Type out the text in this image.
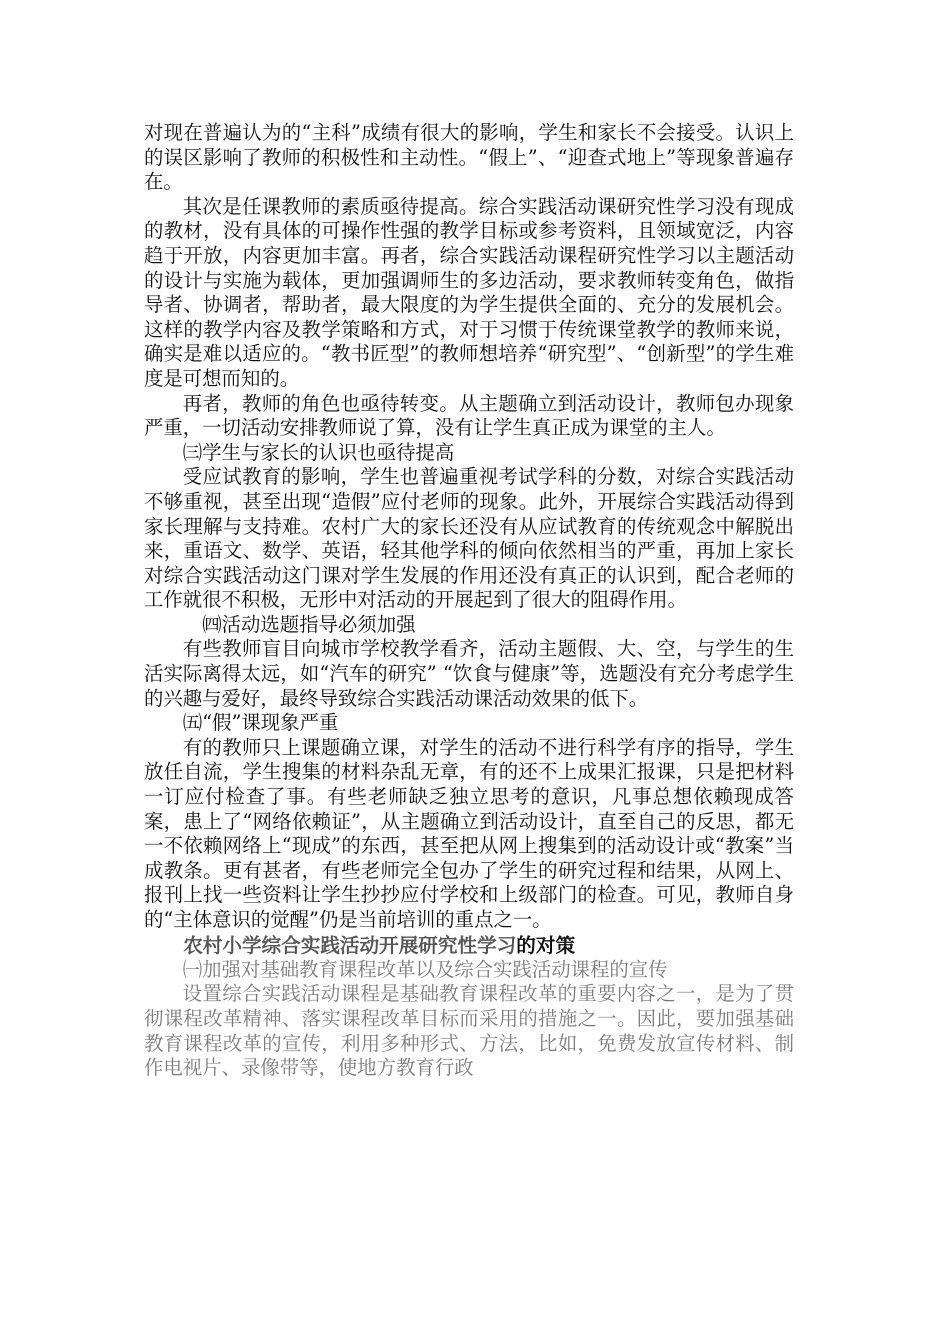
对现在普遍认为的“主科”成绩有很大的影响，学生和家长不会接受。认识上的误区影响了教师的积极性和主动性。“假上”、“迎查式地上”等现象普遍存在。

其次是任课教师的素质亟待提高。综合实践活动课研究性学习没有现成的教材，没有具体的可操作性强的教学目标或参考资料，且领域宽泛，内容趋于开放，内容更加丰富。再者，综合实践活动课程研究性学习以主题活动的设计与实施为载体，更加强调师生的多边活动，要求教师转变角色，做指导者、协调者，帮助者，最大限度的为学生提供全面的、充分的发展机会。这样的教学内容及教学策略和方式，对于习惯于传统课堂教学的教师来说，确实是难以适应的。“教书匠型”的教师想培养“研究型”、“创新型”的学生难度是可想而知的。

再者，教师的角色也亟待转变。从主题确立到活动设计，教师包办现象严重，一切活动安排教师说了算，没有让学生真正成为课堂的主人。

㈢学生与家长的认识也亟待提高

受应试教育的影响，学生也普遍重视考试学科的分数，对综合实践活动不够重视，甚至出现“造假”应付老师的现象。此外，开展综合实践活动得到家长理解与支持难。农村广大的家长还没有从应试教育的传统观念中解脱出来，重语文、数学、英语，轻其他学科的倾向依然相当的严重，再加上家长对综合实践活动这门课对学生发展的作用还没有真正的认识到，配合老师的工作就很不积极，无形中对活动的开展起到了很大的阻碍作用。

㈣活动选题指导必须加强

有些教师盲目向城市学校教学看齐，活动主题假、大、空，与学生的生活实际离得太远，如“汽车的研究” “饮食与健康”等，选题没有充分考虑学生的兴趣与爱好，最终导致综合实践活动课活动效果的低下。

㈤“假”课现象严重

有的教师只上课题确立课，对学生的活动不进行科学有序的指导，学生放任自流，学生搜集的材料杂乱无章，有的还不上成果汇报课，只是把材料一订应付检查了事。有些老师缺乏独立思考的意识，凡事总想依赖现成答案，患上了“网络依赖证”，从主题确立到活动设计，直至自己的反思，都无一不依赖网络上“现成”的东西，甚至把从网上搜集到的活动设计或“教案”当成教条。更有甚者，有些老师完全包办了学生的研究过程和结果，从网上、报刊上找一些资料让学生抄抄应付学校和上级部门的检查。可见，教师自身的“主体意识的觉醒”仍是当前培训的重点之一。

农村小学综合实践活动开展研究性学习的对策

㈠加强对基础教育课程改革以及综合实践活动课程的宣传

设置综合实践活动课程是基础教育课程改革的重要内容之一，是为了贯彻课程改革精神、落实课程改革目标而采用的措施之一。因此，要加强基础教育课程改革的宣传，利用多种形式、方法，比如，免费发放宣传材料、制作电视片、录像带等，使地方教育行政
